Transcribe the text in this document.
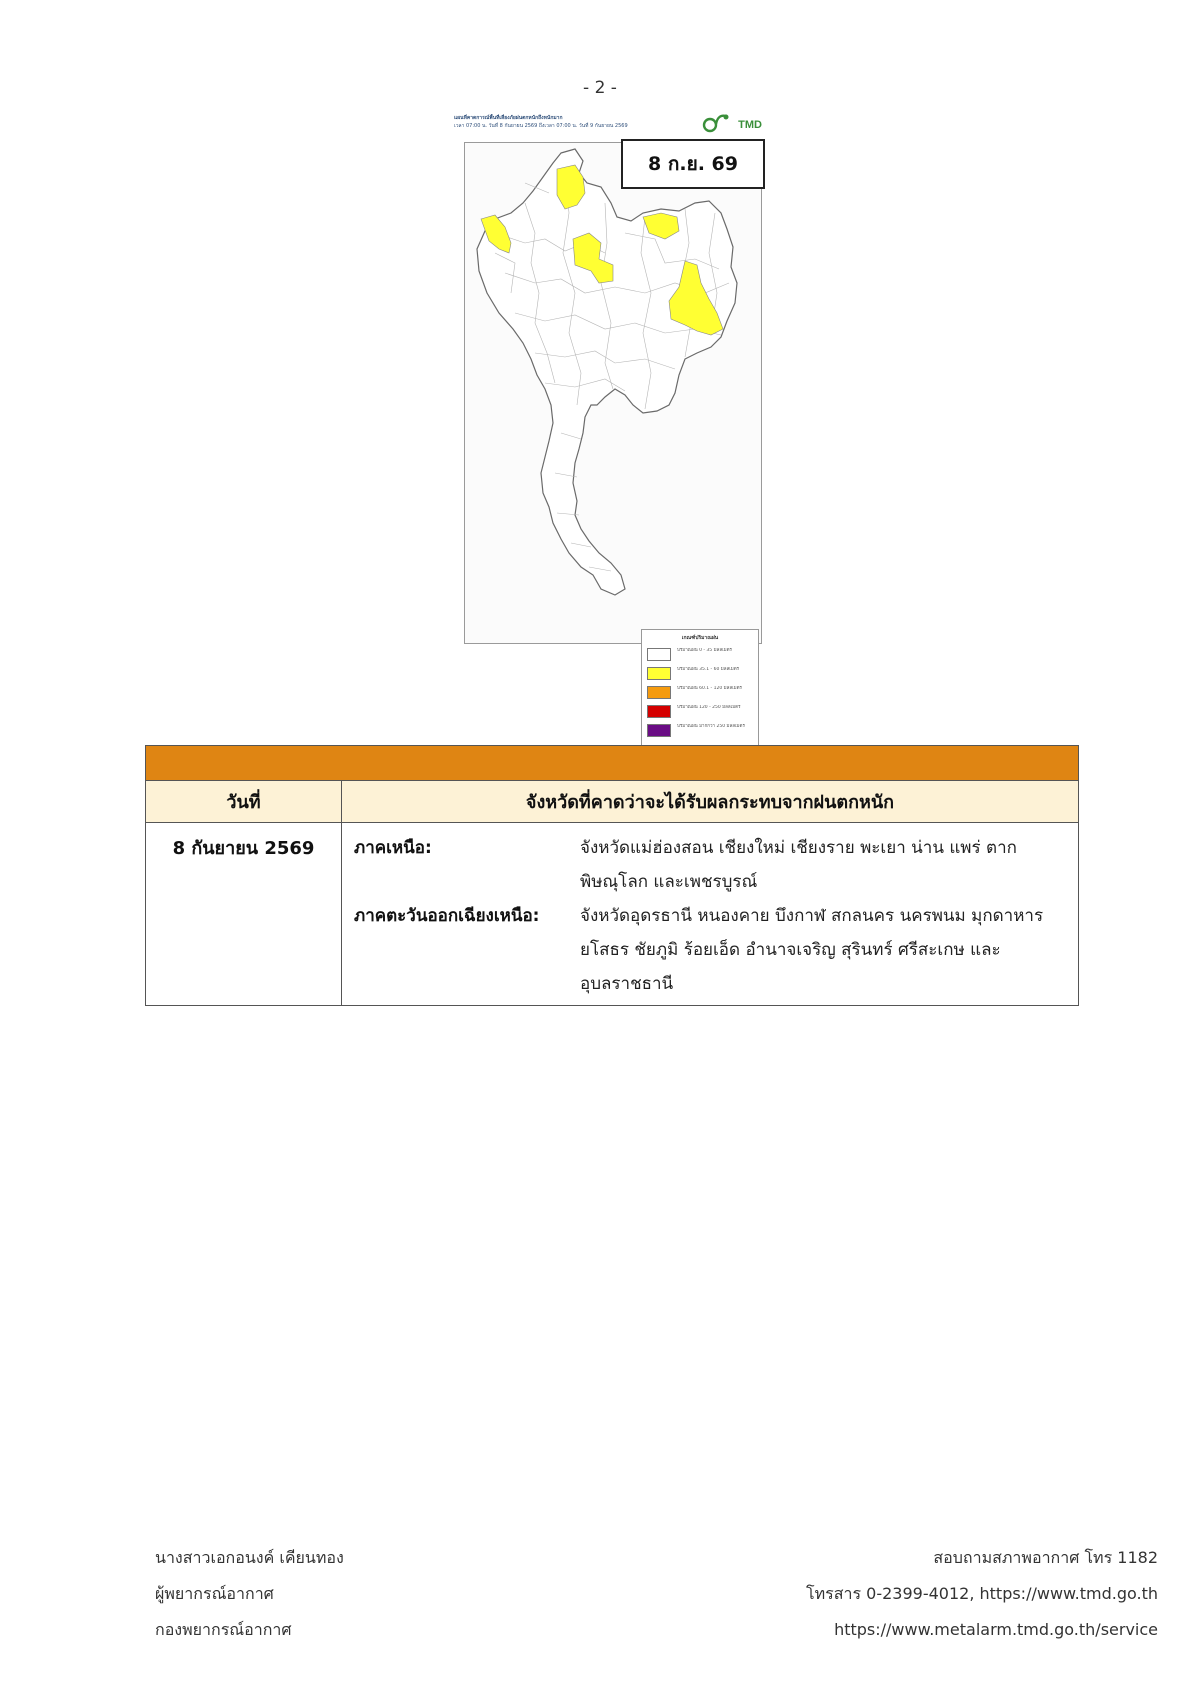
- 2 -
แผนที่คาดการณ์พื้นที่เสี่ยงภัยฝนตกหนักถึงหนักมาก
เวลา 07:00 น. วันที่ 8 กันยายน 2569 ถึงเวลา 07:00 น. วันที่ 9 กันยายน 2569	TMD
8 ก.ย. 69
เกณฑ์ปริมาณฝน
ปริมาณฝน 0 - 35 มิลลิเมตร
ปริมาณฝน 35.1 - 60 มิลลิเมตร
ปริมาณฝน 60.1 - 120 มิลลิเมตร
ปริมาณฝน 120 - 250 มิลลิเมตร
ปริมาณฝน มากกว่า 250 มิลลิเมตร

วันที่	จังหวัดที่คาดว่าจะได้รับผลกระทบจากฝนตกหนัก
8 กันยายน 2569	ภาคเหนือ: จังหวัดแม่ฮ่องสอน เชียงใหม่ เชียงราย พะเยา น่าน แพร่ ตาก พิษณุโลก และเพชรบูรณ์
ภาคตะวันออกเฉียงเหนือ: จังหวัดอุดรธานี หนองคาย บึงกาฬ สกลนคร นครพนม มุกดาหาร ยโสธร ชัยภูมิ ร้อยเอ็ด อำนาจเจริญ สุรินทร์ ศรีสะเกษ และอุบลราชธานี
นางสาวเอกอนงค์ เคียนทอง
ผู้พยากรณ์อากาศ
กองพยากรณ์อากาศ
สอบถามสภาพอากาศ โทร 1182
โทรสาร 0-2399-4012, https://www.tmd.go.th
https://www.metalarm.tmd.go.th/service
